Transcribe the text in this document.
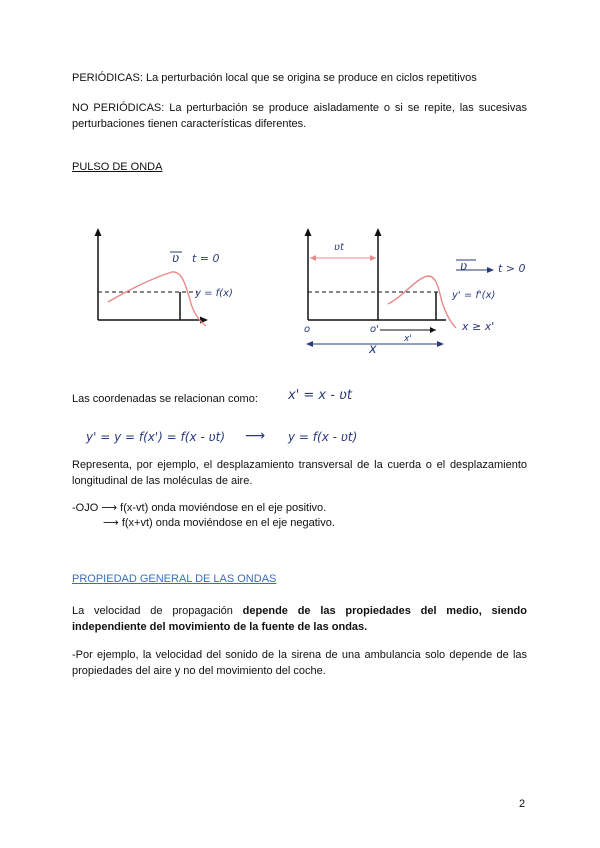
PERIÓDICAS: La perturbación local que se origina se produce en ciclos repetitivos
NO PERIÓDICAS: La perturbación se produce aisladamente o si se repite, las sucesivas perturbaciones tienen características diferentes.
PULSO DE ONDA
ʋ t = 0
y = f(x)
ʋt
ʋ	t > 0
y' = f'(x)
o	o'
x'
x ≥ x'
x
Las coordenadas se relacionan como: x' = x - ʋt
y' = y = f(x') = f(x - ʋt) ⟶ y = f(x - ʋt)
Representa, por ejemplo, el desplazamiento transversal de la cuerda o el desplazamiento longitudinal de las moléculas de aire.
-OJO ⟶ f(x-vt) onda moviéndose en el eje positivo.
⟶ f(x+vt) onda moviéndose en el eje negativo.
PROPIEDAD GENERAL DE LAS ONDAS
La velocidad de propagación depende de las propiedades del medio, siendo independiente del movimiento de la fuente de las ondas.
-Por ejemplo, la velocidad del sonido de la sirena de una ambulancia solo depende de las propiedades del aire y no del movimiento del coche.
2
